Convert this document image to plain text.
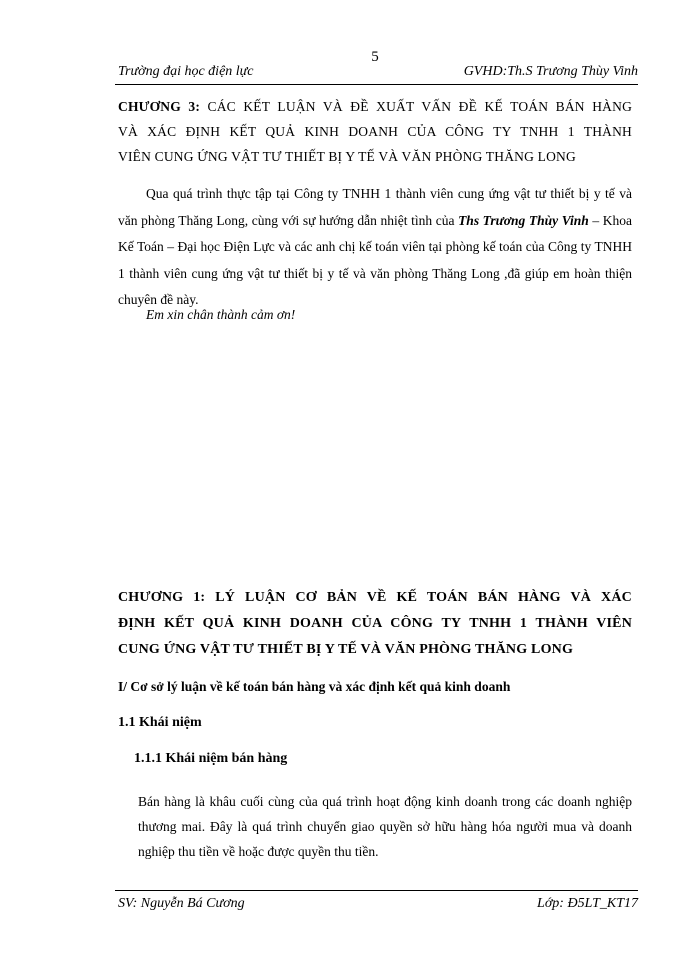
5
Trường đại học điện lực	GVHD:Th.S Trương Thùy Vinh
CHƯƠNG 3: CÁC KẾT LUẬN VÀ ĐỀ XUẤT VẤN ĐỀ KẾ TOÁN BÁN HÀNG
VÀ XÁC ĐỊNH KẾT QUẢ KINH DOANH CỦA CÔNG TY TNHH 1 THÀNH
VIÊN CUNG ỨNG VẬT TƯ THIẾT BỊ Y TẾ VÀ VĂN PHÒNG THĂNG LONG
Qua quá trình thực tập tại Công ty TNHH 1 thành viên cung ứng vật tư thiết bị y tế và văn phòng Thăng Long, cùng với sự hướng dẫn nhiệt tình của Ths Trương Thùy Vinh – Khoa Kế Toán – Đại học Điện Lực và các anh chị kế toán viên tại phòng kế toán của Công ty TNHH 1 thành viên cung ứng vật tư thiết bị y tế và văn phòng Thăng Long ,đã giúp em hoàn thiện chuyên đề này.
Em xin chân thành cảm ơn!
CHƯƠNG 1: LÝ LUẬN CƠ BẢN VỀ KẾ TOÁN BÁN HÀNG VÀ XÁC
ĐỊNH KẾT QUẢ KINH DOANH CỦA CÔNG TY TNHH 1 THÀNH VIÊN
CUNG ỨNG VẬT TƯ THIẾT BỊ Y TẾ VÀ VĂN PHÒNG THĂNG LONG
I/ Cơ sở lý luận về kế toán bán hàng và xác định kết quả kinh doanh
1.1 Khái niệm
1.1.1 Khái niệm bán hàng
Bán hàng là khâu cuối cùng của quá trình hoạt động kinh doanh trong các doanh nghiệp thương mai. Đây là quá trình chuyển giao quyền sở hữu hàng hóa người mua và doanh nghiệp thu tiền về hoặc được quyền thu tiền.
SV: Nguyễn Bá Cương	Lớp: Đ5LT_KT17
